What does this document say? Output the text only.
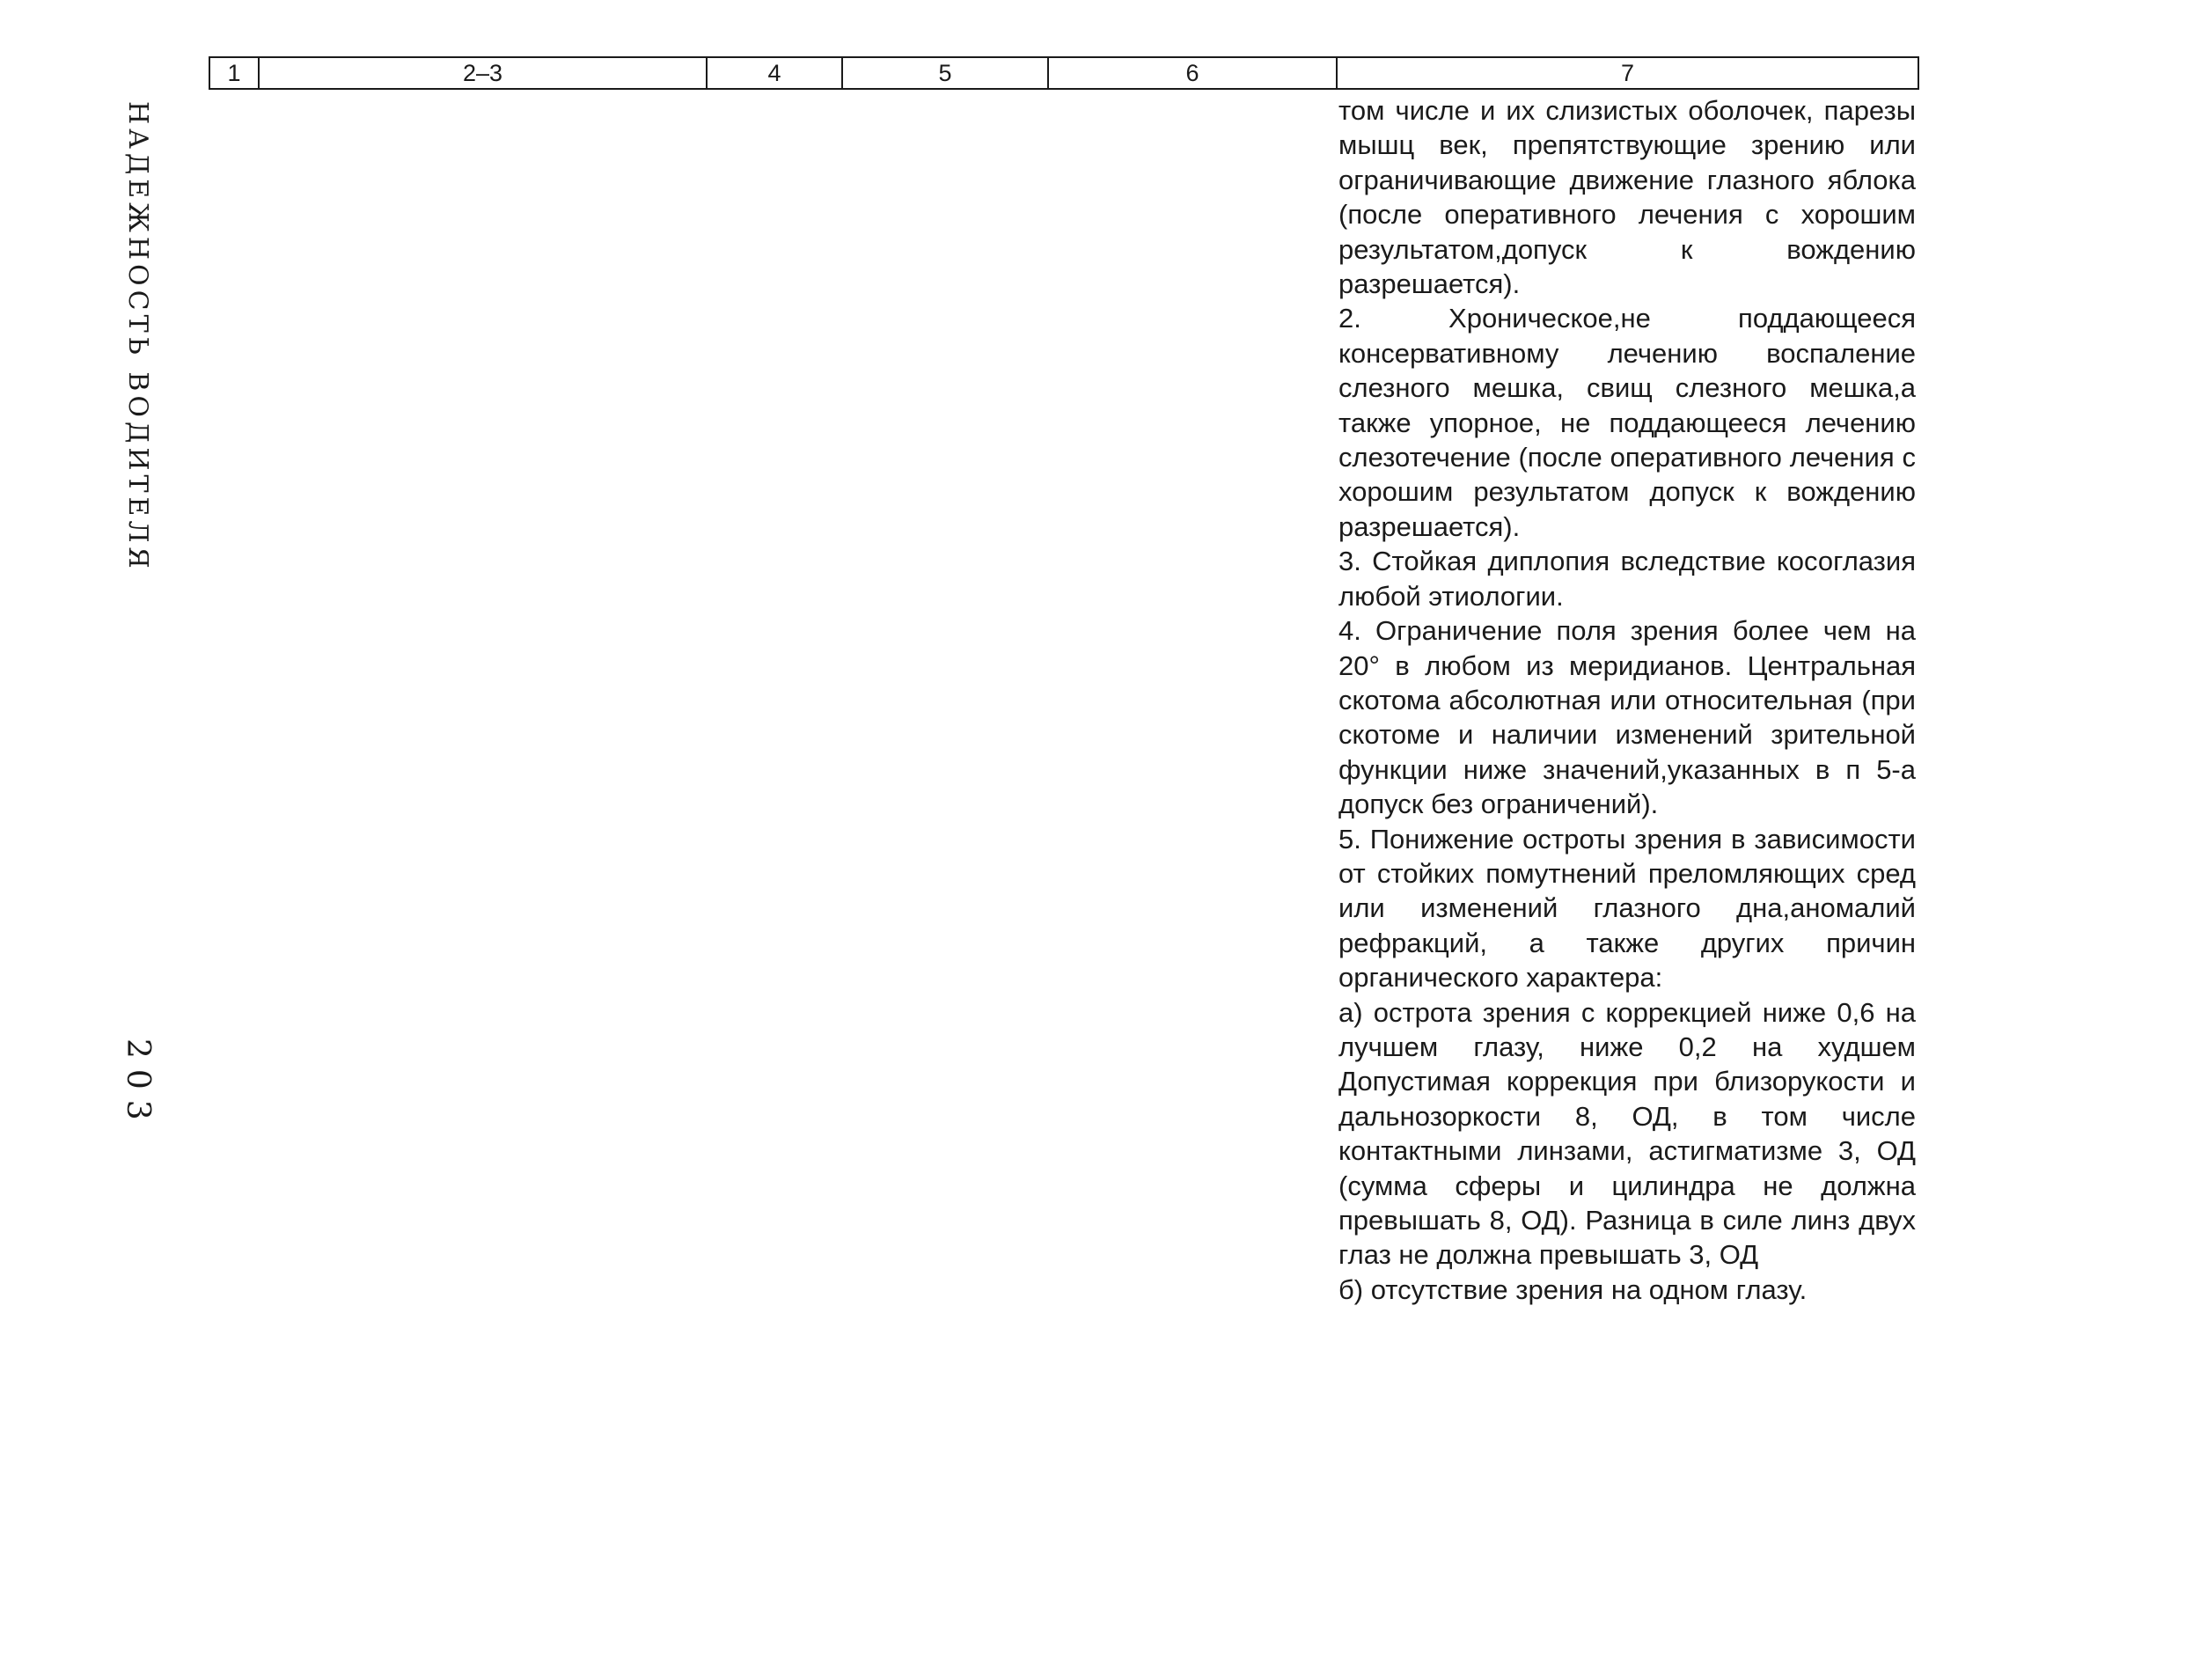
НАДЕЖНОСТЬ ВОДИТЕЛЯ
203
1	2–3	4	5	6	7

том числе и их слизистых оболочек, парезы мышц век, препятствующие зрению или ограничивающие движение глазного яблока (после оперативного лечения с хорошим результатом,допуск к вождению разрешается).

2. Хроническое,не поддающееся консервативному лечению воспаление слезного мешка, свищ слезного мешка,а также упорное, не поддающееся лечению слезотечение (после оперативного лечения с хорошим результатом допуск к вождению разрешается).

3. Стойкая диплопия вследствие косоглазия любой этиологии.

4. Ограничение поля зрения более чем на 20° в любом из меридианов. Центральная скотома абсолютная или относительная (при скотоме и наличии изменений зрительной функции ниже значений,указанных в п 5-а допуск без ограничений).

5. Понижение остроты зрения в зависимости от стойких помутнений преломляющих сред или изменений глазного дна,аномалий рефракций, а также других причин органического характера:

а) острота зрения с коррекцией ниже 0,6 на лучшем глазу, ниже 0,2 на худшем Допустимая коррекция при близорукости и дальнозоркости 8, ОД, в том числе контактными линзами, астигматизме 3, ОД (сумма сферы и цилиндра не должна превышать 8, ОД). Разница в силе линз двух глаз не должна превышать 3, ОД

б) отсутствие зрения на одном глазу.
